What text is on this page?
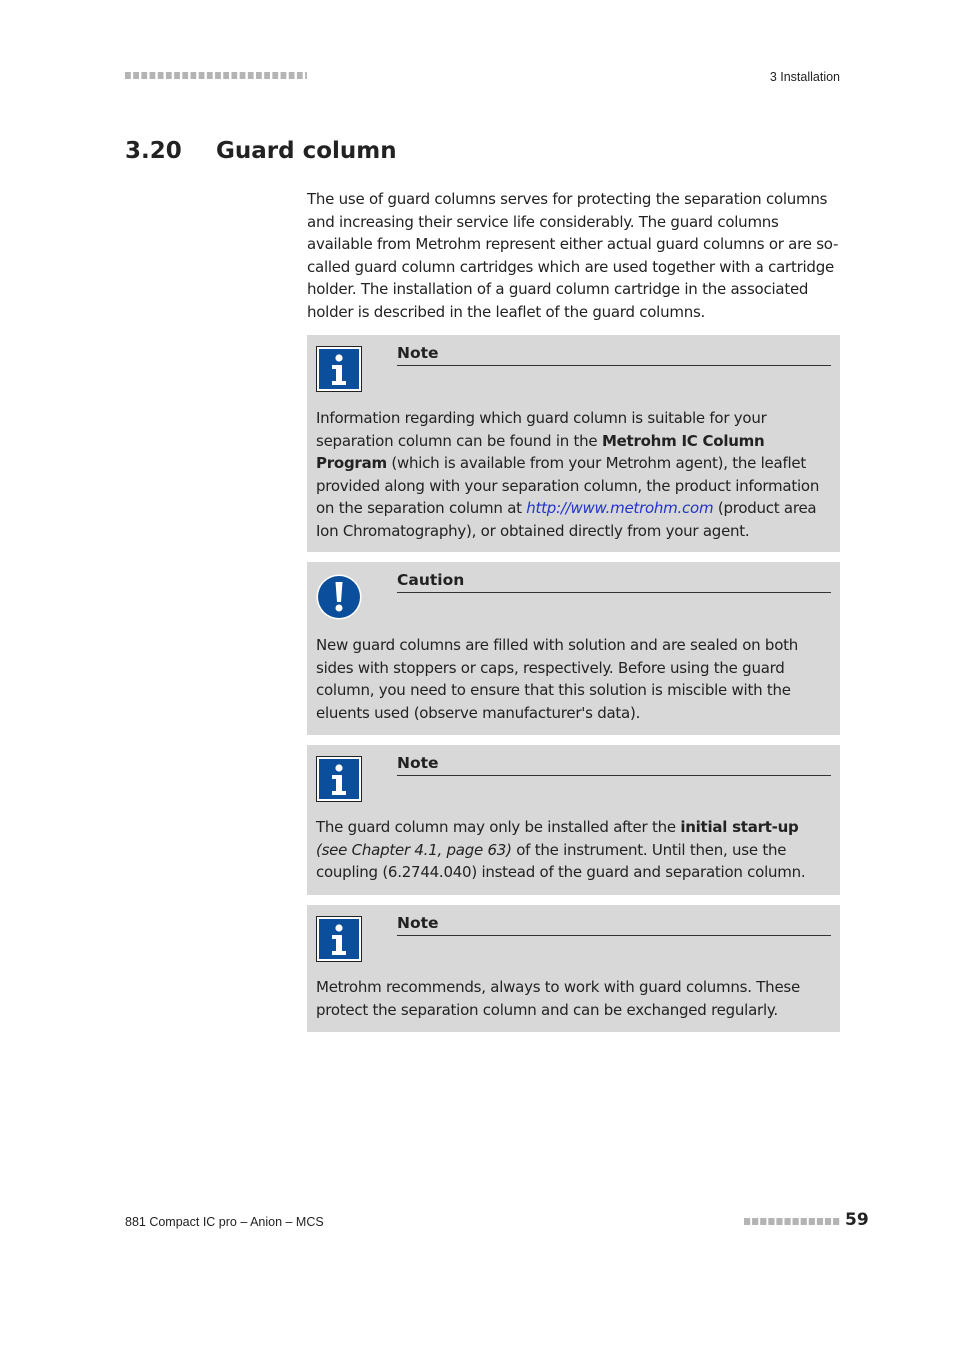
3 Installation
3.20 Guard column

The use of guard columns serves for protecting the separation columns and increasing their service life considerably. The guard columns available from Metrohm represent either actual guard columns or are so-called guard column cartridges which are used together with a cartridge holder. The installation of a guard column cartridge in the associated holder is described in the leaflet of the guard columns.

Note

Information regarding which guard column is suitable for your separation column can be found in the Metrohm IC Column Program (which is available from your Metrohm agent), the leaflet provided along with your separation column, the product information on the separation column at http://www.metrohm.com (product area Ion Chromatography), or obtained directly from your agent.

Caution

New guard columns are filled with solution and are sealed on both sides with stoppers or caps, respectively. Before using the guard column, you need to ensure that this solution is miscible with the eluents used (observe manufacturer's data).

Note

The guard column may only be installed after the initial start-up (see Chapter 4.1, page 63) of the instrument. Until then, use the coupling (6.2744.040) instead of the guard and separation column.

Note

Metrohm recommends, always to work with guard columns. These protect the separation column and can be exchanged regularly.

881 Compact IC pro – Anion – MCS	59
